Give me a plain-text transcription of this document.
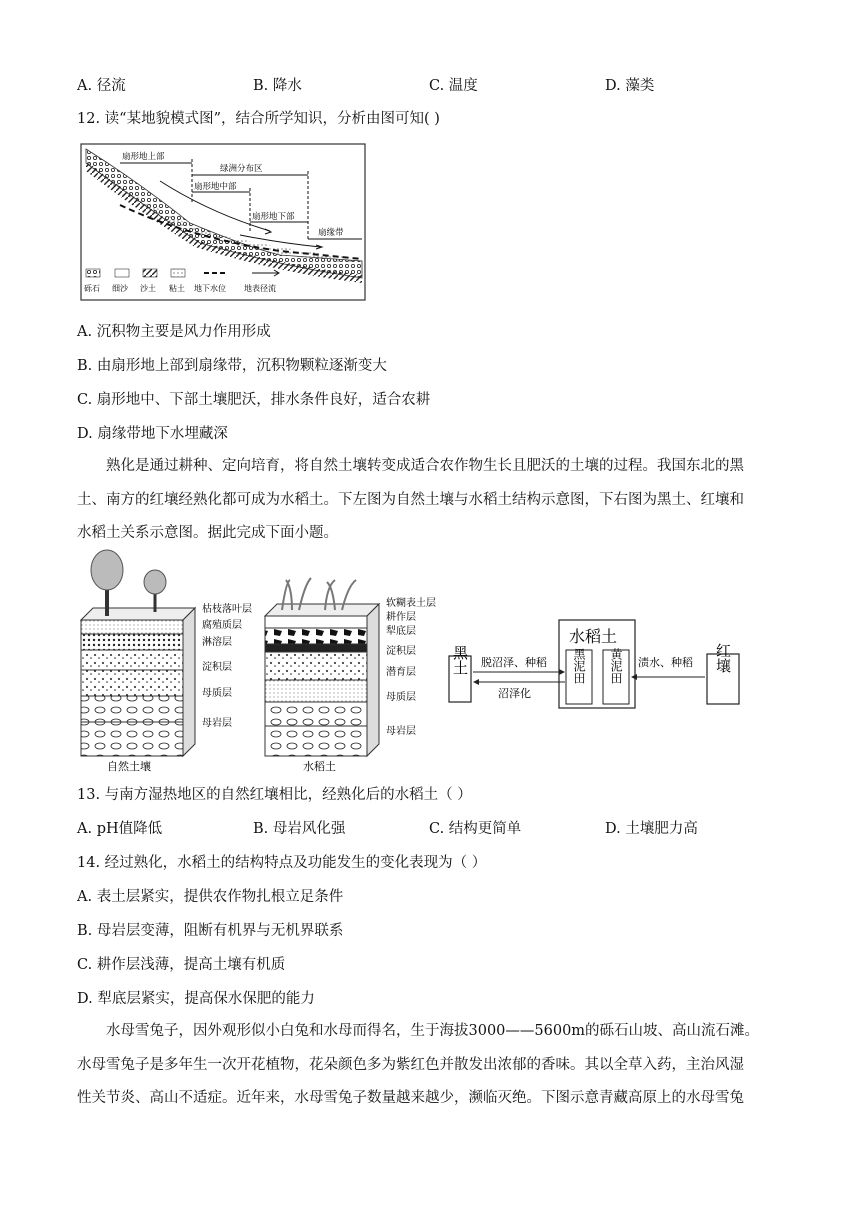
A. 径流	B. 降水	C. 温度	D. 藻类
12. 读“某地貌模式图”，结合所学知识，分析由图可知( )
扇形地上部
绿洲分布区
扇形地中部
扇形地下部
扇缘带
砾石 细沙 沙土 粘土 地下水位 地表径流
A. 沉积物主要是风力作用形成
B. 由扇形地上部到扇缘带，沉积物颗粒逐渐变大
C. 扇形地中、下部土壤肥沃，排水条件良好，适合农耕
D. 扇缘带地下水埋藏深
熟化是通过耕种、定向培育，将自然土壤转变成适合农作物生长且肥沃的土壤的过程。我国东北的黑
土、南方的红壤经熟化都可成为水稻土。下左图为自然土壤与水稻土结构示意图，下右图为黑土、红壤和
水稻土关系示意图。据此完成下面小题。
枯枝落叶层
腐殖质层
淋溶层
淀积层
母质层
母岩层
自然土壤
软糊表土层
耕作层
犁底层
淀积层
潜育层
母质层
母岩层
水稻土
水稻土
黑泥田 黄泥田
黑土	红壤
脱沼泽、种稻
沼泽化
渍水、种稻
13. 与南方湿热地区的自然红壤相比，经熟化后的水稻土（ ）
A. pH值降低	B. 母岩风化强	C. 结构更简单	D. 土壤肥力高
14. 经过熟化，水稻土的结构特点及功能发生的变化表现为（ ）
A. 表土层紧实，提供农作物扎根立足条件
B. 母岩层变薄，阻断有机界与无机界联系
C. 耕作层浅薄，提高土壤有机质
D. 犁底层紧实，提高保水保肥的能力
水母雪兔子，因外观形似小白兔和水母而得名，生于海拔3000——5600m的砾石山坡、高山流石滩。
水母雪兔子是多年生一次开花植物，花朵颜色多为紫红色并散发出浓郁的香味。其以全草入药，主治风湿
性关节炎、高山不适症。近年来，水母雪兔子数量越来越少，濒临灭绝。下图示意青藏高原上的水母雪兔
